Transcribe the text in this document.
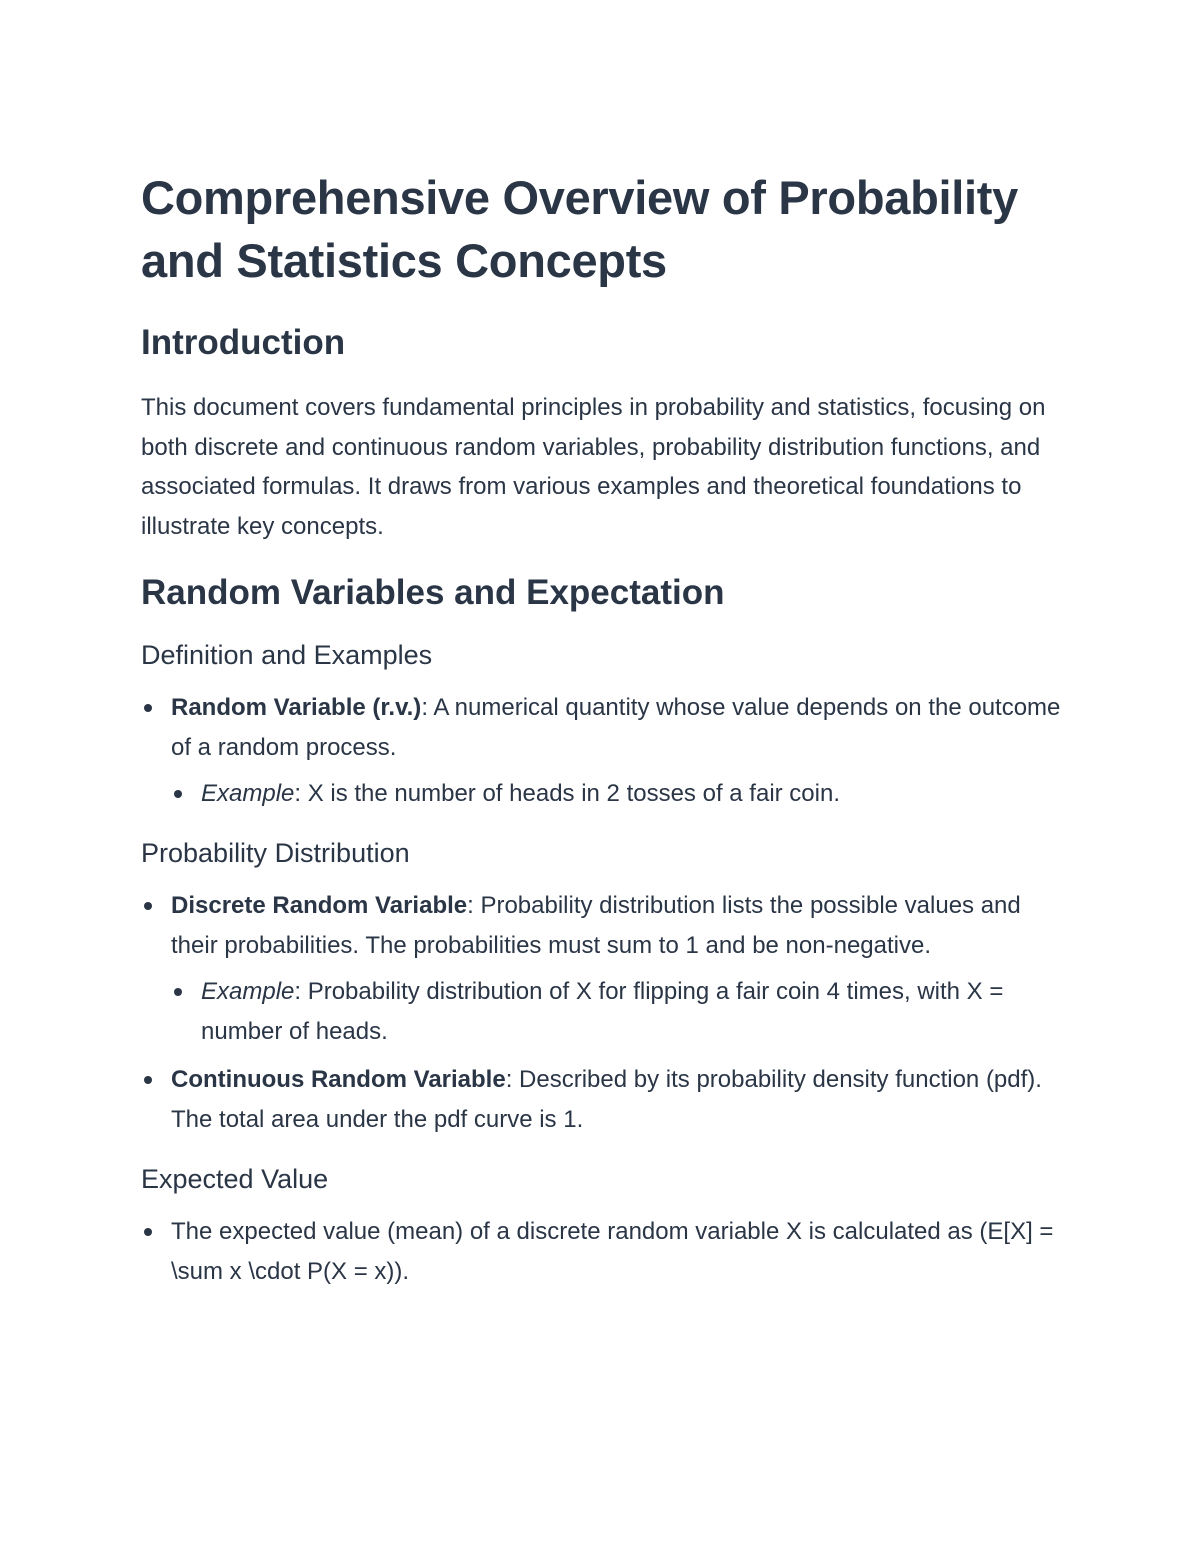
Comprehensive Overview of Probability and Statistics Concepts
Introduction

This document covers fundamental principles in probability and statistics, focusing on both discrete and continuous random variables, probability distribution functions, and associated formulas. It draws from various examples and theoretical foundations to illustrate key concepts.

Random Variables and Expectation
Definition and Examples
Random Variable (r.v.): A numerical quantity whose value depends on the outcome of a random process.
Example: X is the number of heads in 2 tosses of a fair coin.
Probability Distribution
Discrete Random Variable: Probability distribution lists the possible values and their probabilities. The probabilities must sum to 1 and be non-negative.
Example: Probability distribution of X for flipping a fair coin 4 times, with X = number of heads.
Continuous Random Variable: Described by its probability density function (pdf). The total area under the pdf curve is 1.
Expected Value
The expected value (mean) of a discrete random variable X is calculated as (E[X] = \sum x \cdot P(X = x)).
